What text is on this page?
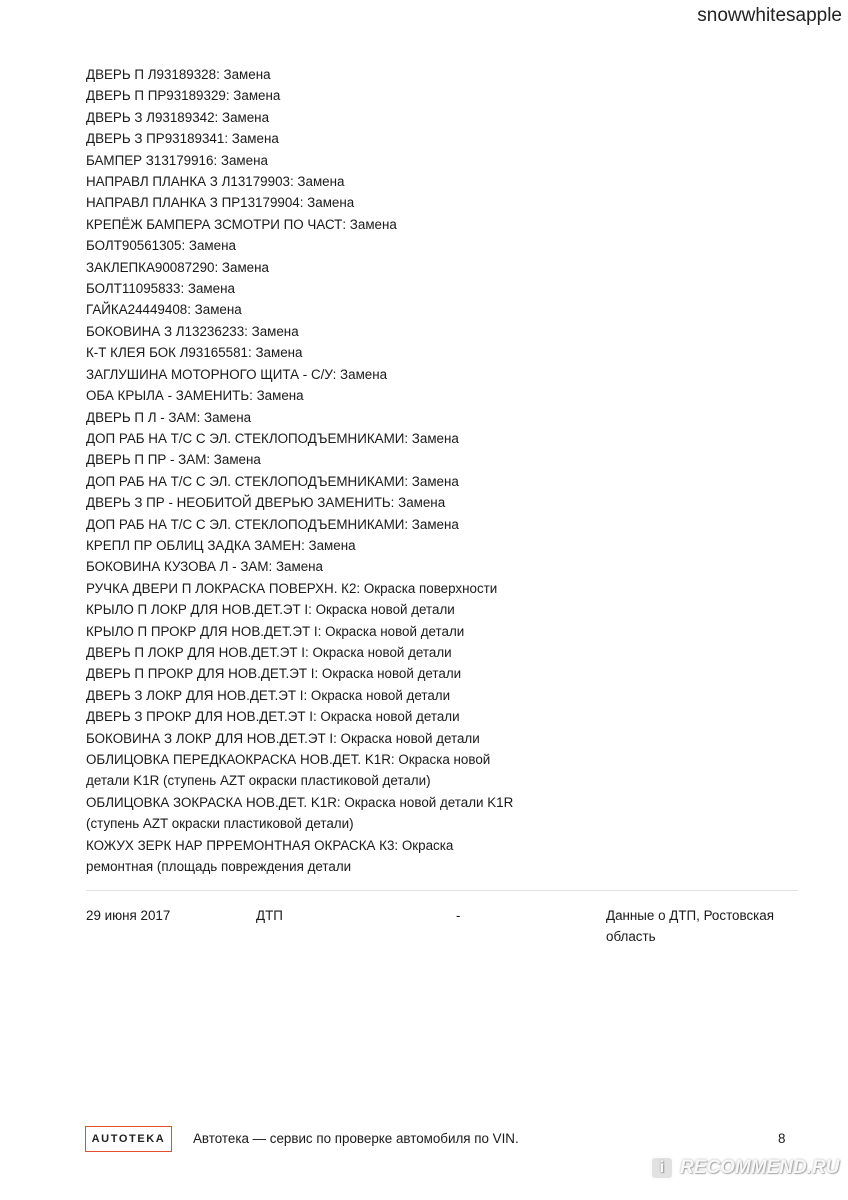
snowwhitesapple
ДВЕРЬ П Л93189328: Замена
ДВЕРЬ П ПР93189329: Замена
ДВЕРЬ З Л93189342: Замена
ДВЕРЬ З ПР93189341: Замена
БАМПЕР З13179916: Замена
НАПРАВЛ ПЛАНКА З Л13179903: Замена
НАПРАВЛ ПЛАНКА З ПР13179904: Замена
КРЕПЁЖ БАМПЕРА ЗСМОТРИ ПО ЧАСТ: Замена
БОЛТ90561305: Замена
ЗАКЛЕПКА90087290: Замена
БОЛТ11095833: Замена
ГАЙКА24449408: Замена
БОКОВИНА З Л13236233: Замена
К-Т КЛЕЯ БОК Л93165581: Замена
ЗАГЛУШИНА МОТОРНОГО ЩИТА - С/У: Замена
ОБА КРЫЛА - ЗАМЕНИТЬ: Замена
ДВЕРЬ П Л - ЗАМ: Замена
ДОП РАБ НА Т/С С ЭЛ. СТЕКЛОПОДЪЕМНИКАМИ: Замена
ДВЕРЬ П ПР - ЗАМ: Замена
ДОП РАБ НА Т/С С ЭЛ. СТЕКЛОПОДЪЕМНИКАМИ: Замена
ДВЕРЬ З ПР - НЕОБИТОЙ ДВЕРЬЮ ЗАМЕНИТЬ: Замена
ДОП РАБ НА Т/С С ЭЛ. СТЕКЛОПОДЪЕМНИКАМИ: Замена
КРЕПЛ ПР ОБЛИЦ ЗАДКА ЗАМЕН: Замена
БОКОВИНА КУЗОВА Л - ЗАМ: Замена
РУЧКА ДВЕРИ П ЛОКРАСКА ПОВЕРХН. К2: Окраска поверхности
КРЫЛО П ЛОКР ДЛЯ НОВ.ДЕТ.ЭТ I: Окраска новой детали
КРЫЛО П ПРОКР ДЛЯ НОВ.ДЕТ.ЭТ I: Окраска новой детали
ДВЕРЬ П ЛОКР ДЛЯ НОВ.ДЕТ.ЭТ I: Окраска новой детали
ДВЕРЬ П ПРОКР ДЛЯ НОВ.ДЕТ.ЭТ I: Окраска новой детали
ДВЕРЬ З ЛОКР ДЛЯ НОВ.ДЕТ.ЭТ I: Окраска новой детали
ДВЕРЬ З ПРОКР ДЛЯ НОВ.ДЕТ.ЭТ I: Окраска новой детали
БОКОВИНА З ЛОКР ДЛЯ НОВ.ДЕТ.ЭТ I: Окраска новой детали
ОБЛИЦОВКА ПЕРЕДКАОКРАСКА НОВ.ДЕТ. K1R: Окраска новой
детали K1R (ступень AZT окраски пластиковой детали)
ОБЛИЦОВКА ЗОКРАСКА НОВ.ДЕТ. K1R: Окраска новой детали K1R
(ступень AZT окраски пластиковой детали)
КОЖУХ ЗЕРК НАР ПРРЕМОНТНАЯ ОКРАСКА К3: Окраска
ремонтная (площадь повреждения детали
29 июня 2017	ДТП	-	Данные о ДТП, Ростовская область
AUTOTEKA	Автотека — сервис по проверке автомобиля по VIN.	8
i RECOMMEND.RU
